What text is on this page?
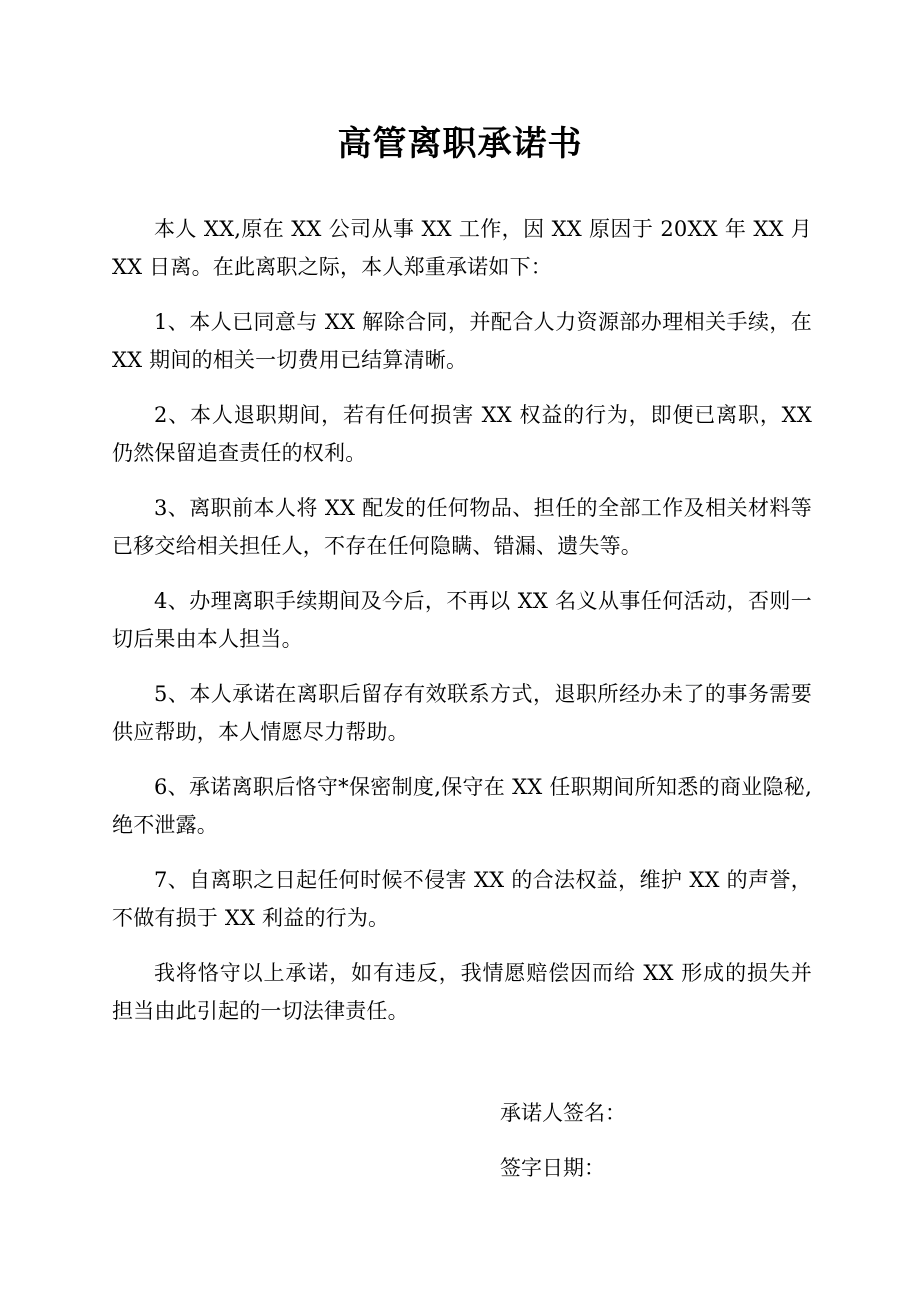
高管离职承诺书

本人 XX,原在 XX 公司从事 XX 工作，因 XX 原因于 20XX 年 XX 月 XX 日离。在此离职之际，本人郑重承诺如下：

1、本人已同意与 XX 解除合同，并配合人力资源部办理相关手续，在 XX 期间的相关一切费用已结算清晰。

2、本人退职期间，若有任何损害 XX 权益的行为，即便已离职，XX 仍然保留追查责任的权利。

3、离职前本人将 XX 配发的任何物品、担任的全部工作及相关材料等已移交给相关担任人，不存在任何隐瞒、错漏、遗失等。

4、办理离职手续期间及今后，不再以 XX 名义从事任何活动，否则一切后果由本人担当。

5、本人承诺在离职后留存有效联系方式，退职所经办未了的事务需要供应帮助，本人情愿尽力帮助。

6、承诺离职后恪守*保密制度,保守在 XX 任职期间所知悉的商业隐秘,绝不泄露。

7、自离职之日起任何时候不侵害 XX 的合法权益，维护 XX 的声誉，不做有损于 XX 利益的行为。

我将恪守以上承诺，如有违反，我情愿赔偿因而给 XX 形成的损失并担当由此引起的一切法律责任。

承诺人签名：
签字日期：
